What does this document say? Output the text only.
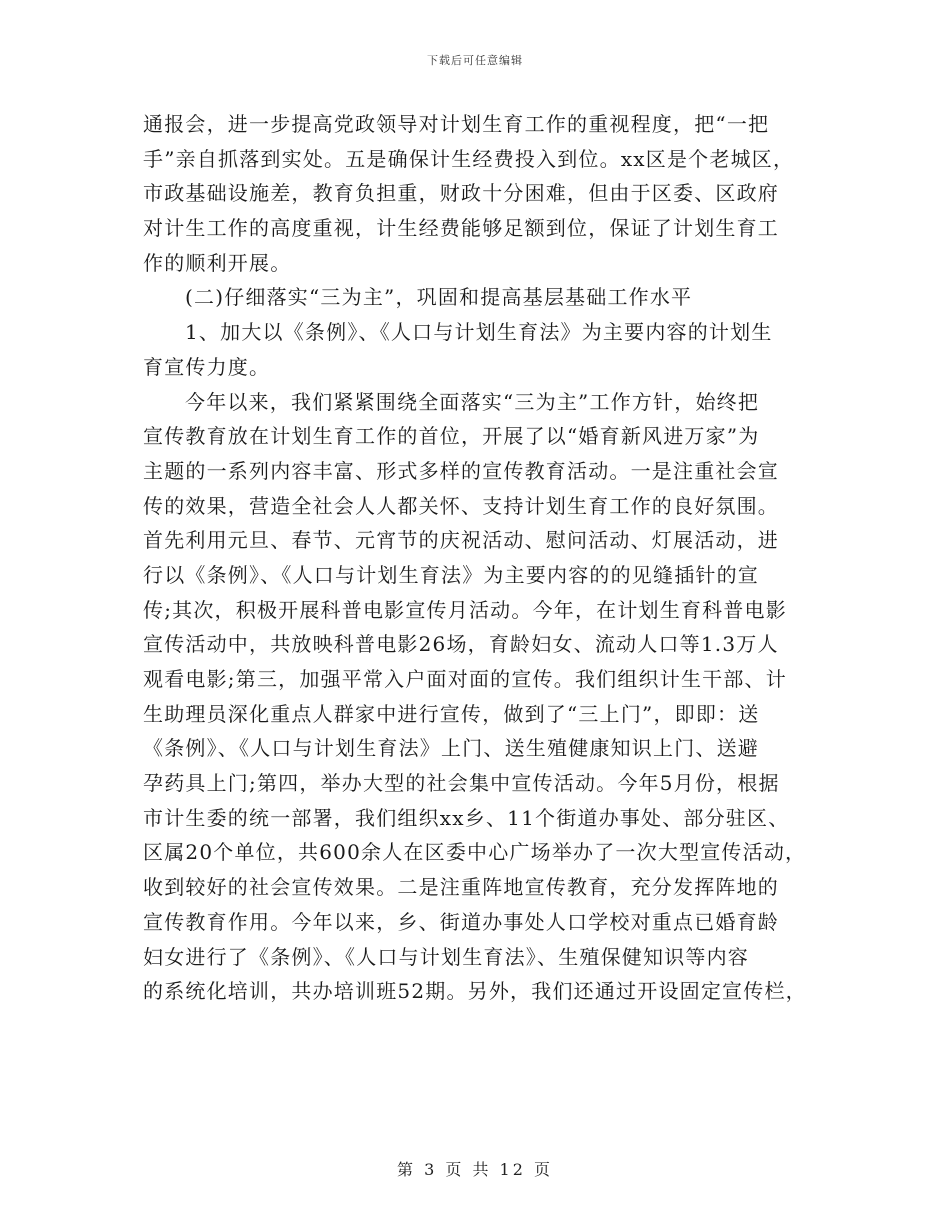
下载后可任意编辑
通报会，进一步提高党政领导对计划生育工作的重视程度，把“一把
手”亲自抓落到实处。五是确保计生经费投入到位。xx区是个老城区，
市政基础设施差，教育负担重，财政十分困难，但由于区委、区政府
对计生工作的高度重视，计生经费能够足额到位，保证了计划生育工
作的顺利开展。
(二)仔细落实“三为主”，巩固和提高基层基础工作水平
1、加大以《条例》、《人口与计划生育法》为主要内容的计划生
育宣传力度。
今年以来，我们紧紧围绕全面落实“三为主”工作方针，始终把
宣传教育放在计划生育工作的首位，开展了以“婚育新风进万家”为
主题的一系列内容丰富、形式多样的宣传教育活动。一是注重社会宣
传的效果，营造全社会人人都关怀、支持计划生育工作的良好氛围。
首先利用元旦、春节、元宵节的庆祝活动、慰问活动、灯展活动，进
行以《条例》、《人口与计划生育法》为主要内容的的见缝插针的宣
传;其次，积极开展科普电影宣传月活动。今年，在计划生育科普电影
宣传活动中，共放映科普电影26场，育龄妇女、流动人口等1.3万人
观看电影;第三，加强平常入户面对面的宣传。我们组织计生干部、计
生助理员深化重点人群家中进行宣传，做到了“三上门”，即即：送
《条例》、《人口与计划生育法》上门、送生殖健康知识上门、送避
孕药具上门;第四，举办大型的社会集中宣传活动。今年5月份，根据
市计生委的统一部署，我们组织xx乡、11个街道办事处、部分驻区、
区属20个单位，共600余人在区委中心广场举办了一次大型宣传活动，
收到较好的社会宣传效果。二是注重阵地宣传教育，充分发挥阵地的
宣传教育作用。今年以来，乡、街道办事处人口学校对重点已婚育龄
妇女进行了《条例》、《人口与计划生育法》、生殖保健知识等内容
的系统化培训，共办培训班52期。另外，我们还通过开设固定宣传栏，
第 3 页 共 12 页
